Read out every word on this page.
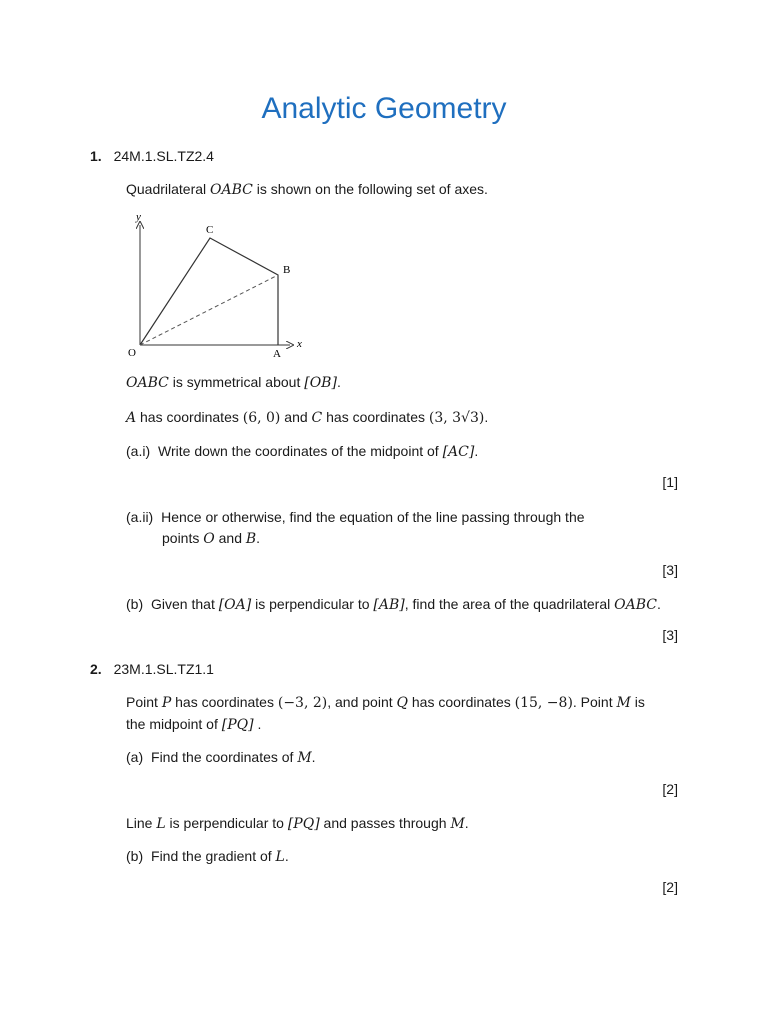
Analytic Geometry
1. 24M.1.SL.TZ2.4
Quadrilateral OABC is shown on the following set of axes.
y
x
O	A
B
C
OABC is symmetrical about [OB].
A has coordinates (6, 0) and C has coordinates (3, 3√3).
(a.i) Write down the coordinates of the midpoint of [AC].
[1]
(a.ii) Hence or otherwise, find the equation of the line passing through the
points O and B.
[3]
(b) Given that [OA] is perpendicular to [AB], find the area of the quadrilateral OABC.
[3]
2. 23M.1.SL.TZ1.1
Point P has coordinates (−3, 2), and point Q has coordinates (15, −8). Point M is
the midpoint of [PQ] .
(a) Find the coordinates of M.
[2]
Line L is perpendicular to [PQ] and passes through M.
(b) Find the gradient of L.
[2]
